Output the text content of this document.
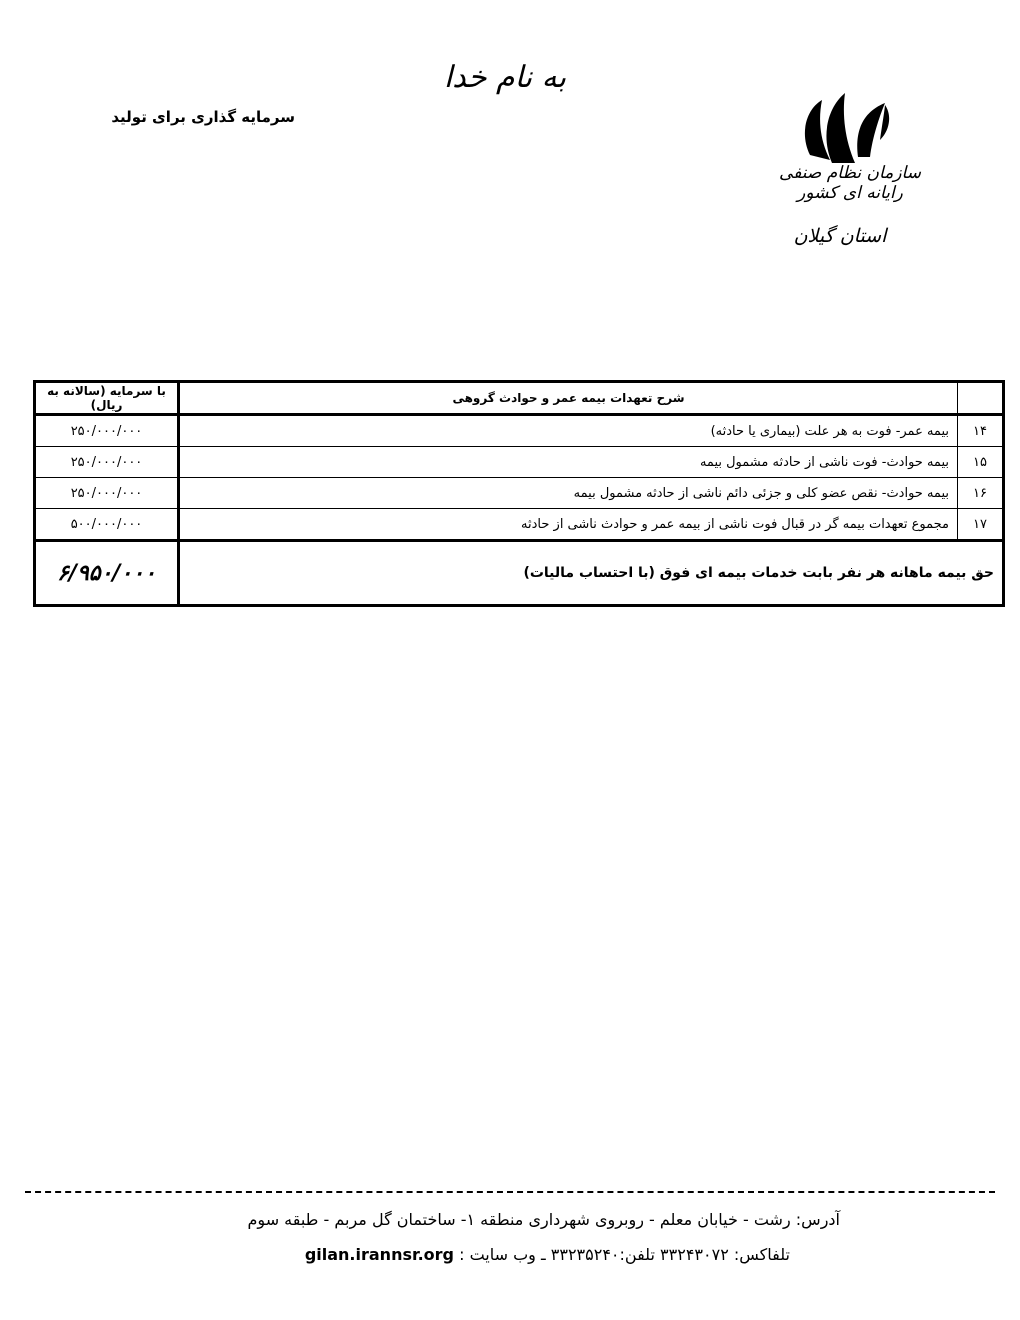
به نام خدا
سرمایه گذاری برای تولید
سازمان نظام صنفی رایانه ای کشور
استان گیلان
	شرح تعهدات بیمه عمر و حوادث گروهی	با سرمایه (سالانه به ریال)
۱۴	بیمه عمر- فوت به هر علت (بیماری یا حادثه)	۲۵۰/۰۰۰/۰۰۰
۱۵	بیمه حوادث- فوت ناشی از حادثه مشمول بیمه	۲۵۰/۰۰۰/۰۰۰
۱۶	بیمه حوادث- نقص عضو کلی و جزئی دائم ناشی از حادثه مشمول بیمه	۲۵۰/۰۰۰/۰۰۰
۱۷	مجموع تعهدات بیمه گر در قبال فوت ناشی از بیمه عمر و حوادث ناشی از حادثه	۵۰۰/۰۰۰/۰۰۰
حق بیمه ماهانه هر نفر بابت خدمات بیمه ای فوق (با احتساب مالیات)		۶/۹۵۰/۰۰۰
آدرس: رشت - خیابان معلم - روبروی شهرداری منطقه ۱- ساختمان گل مربم - طبقه سوم
تلفاکس: ۳۳۲۴۳۰۷۲ تلفن:۳۳۲۳۵۲۴۰ ـ وب سایت : gilan.irannsr.org
